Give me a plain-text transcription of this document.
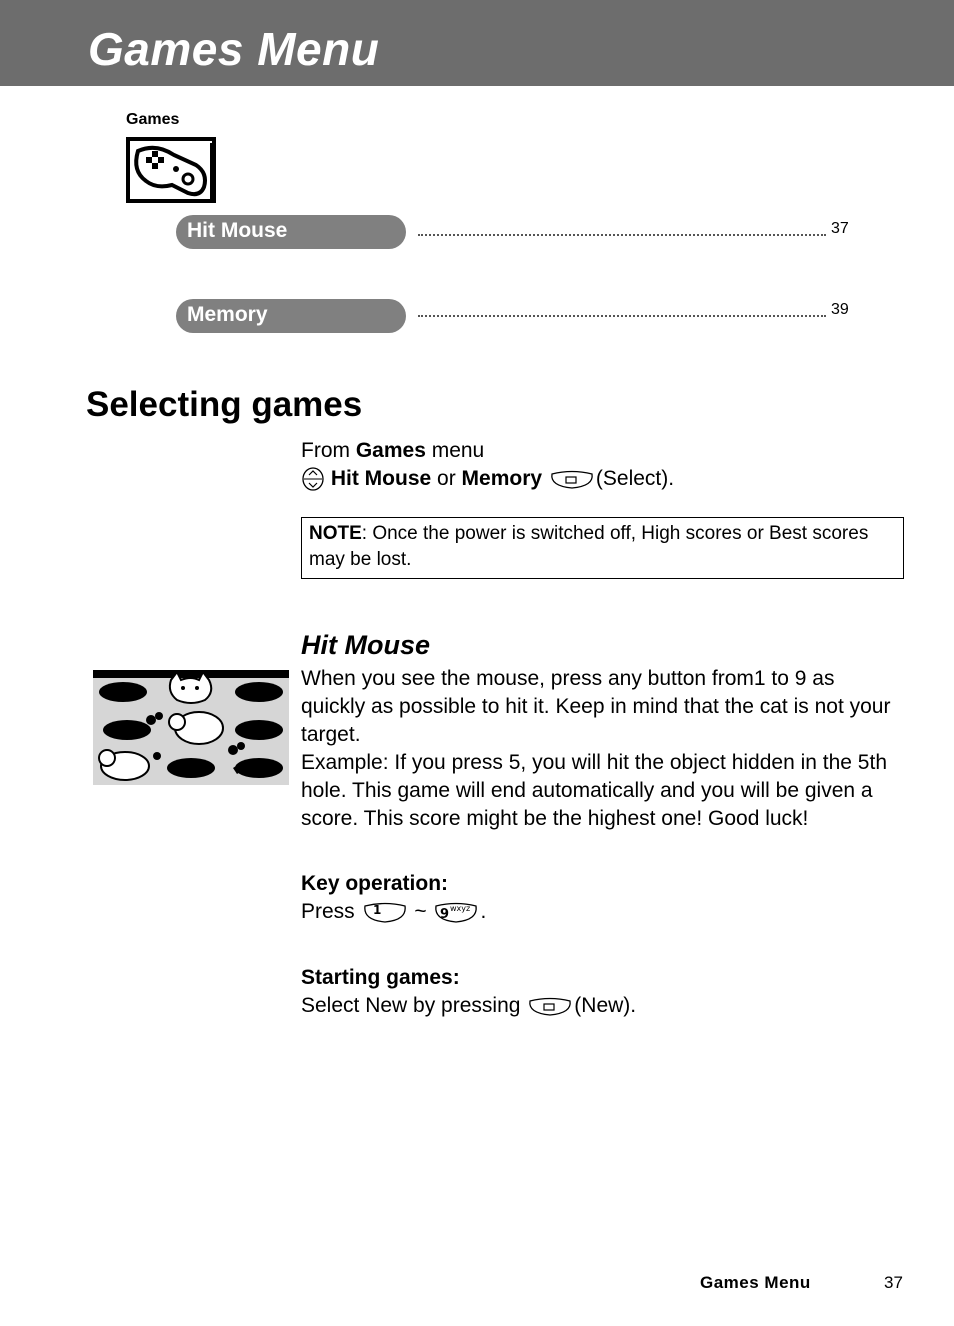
Games Menu
Games
Hit Mouse	37
Memory	39
Selecting games
From Games menu
Hit Mouse or Memory	(Select).
NOTE: Once the power is switched off, High scores or Best scores may be lost.
Hit Mouse
When you see the mouse, press any button from1 to 9 as quickly as possible to hit it. Keep in mind that the cat is not your target.
Example: If you press 5, you will hit the object hidden in the 5th hole. This game will end automatically and you will be given a score. This score might be the highest one! Good luck!
Key operation:
Press 1 ~ 9 wxyz .
Starting games:
Select New by pressing	(New).
Games Menu	37
